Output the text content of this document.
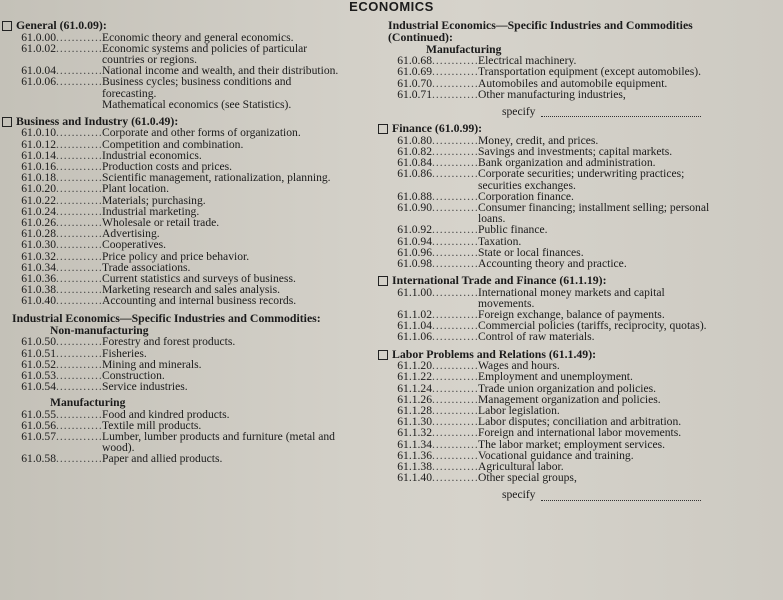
ECONOMICS
General (61.0.09):
61.0.00 .....	Economic theory and general economics.
61.0.02 .....	Economic systems and policies of particular countries or regions.
61.0.04 .....	National income and wealth, and their distribution.
61.0.06 .....	Business cycles; business conditions and forecasting.
Mathematical economics (see Statistics).
Business and Industry (61.0.49):
61.0.10 .....	Corporate and other forms of organization.
61.0.12 .....	Competition and combination.
61.0.14 .....	Industrial economics.
61.0.16 .....	Production costs and prices.
61.0.18 .....	Scientific management, rationalization, planning.
61.0.20 .....	Plant location.
61.0.22 .....	Materials; purchasing.
61.0.24 .....	Industrial marketing.
61.0.26 .....	Wholesale or retail trade.
61.0.28 .....	Advertising.
61.0.30 .....	Cooperatives.
61.0.32 .....	Price policy and price behavior.
61.0.34 .....	Trade associations.
61.0.36 .....	Current statistics and surveys of business.
61.0.38 .....	Marketing research and sales analysis.
61.0.40 .....	Accounting and internal business records.
Industrial Economics—Specific Industries and Commodities:
Non-manufacturing
61.0.50 .....	Forestry and forest products.
61.0.51 .....	Fisheries.
61.0.52 .....	Mining and minerals.
61.0.53 .....	Construction.
61.0.54 .....	Service industries.
Manufacturing
61.0.55 .....	Food and kindred products.
61.0.56 .....	Textile mill products.
61.0.57 .....	Lumber, lumber products and furniture (metal and wood).
61.0.58 .....	Paper and allied products.
Industrial Economics—Specific Industries and Commodities (Continued):
Manufacturing
61.0.68 .....	Electrical machinery.
61.0.69 .....	Transportation equipment (except automobiles).
61.0.70 .....	Automobiles and automobile equipment.
61.0.71 .....	Other manufacturing industries,
specify
Finance (61.0.99):
61.0.80 .....	Money, credit, and prices.
61.0.82 .....	Savings and investments; capital markets.
61.0.84 .....	Bank organization and administration.
61.0.86 .....	Corporate securities; underwriting practices; securities exchanges.
61.0.88 .....	Corporation finance.
61.0.90 .....	Consumer financing; installment selling; personal loans.
61.0.92 .....	Public finance.
61.0.94 .....	Taxation.
61.0.96 .....	State or local finances.
61.0.98 .....	Accounting theory and practice.
International Trade and Finance (61.1.19):
61.1.00 .....	International money markets and capital movements.
61.1.02 .....	Foreign exchange, balance of payments.
61.1.04 .....	Commercial policies (tariffs, reciprocity, quotas).
61.1.06 .....	Control of raw materials.
Labor Problems and Relations (61.1.49):
61.1.20 .....	Wages and hours.
61.1.22 .....	Employment and unemployment.
61.1.24 .....	Trade union organization and policies.
61.1.26 .....	Management organization and policies.
61.1.28 .....	Labor legislation.
61.1.30 .....	Labor disputes; conciliation and arbitration.
61.1.32 .....	Foreign and international labor movements.
61.1.34 .....	The labor market; employment services.
61.1.36 .....	Vocational guidance and training.
61.1.38 .....	Agricultural labor.
61.1.40 .....	Other special groups,
specify
